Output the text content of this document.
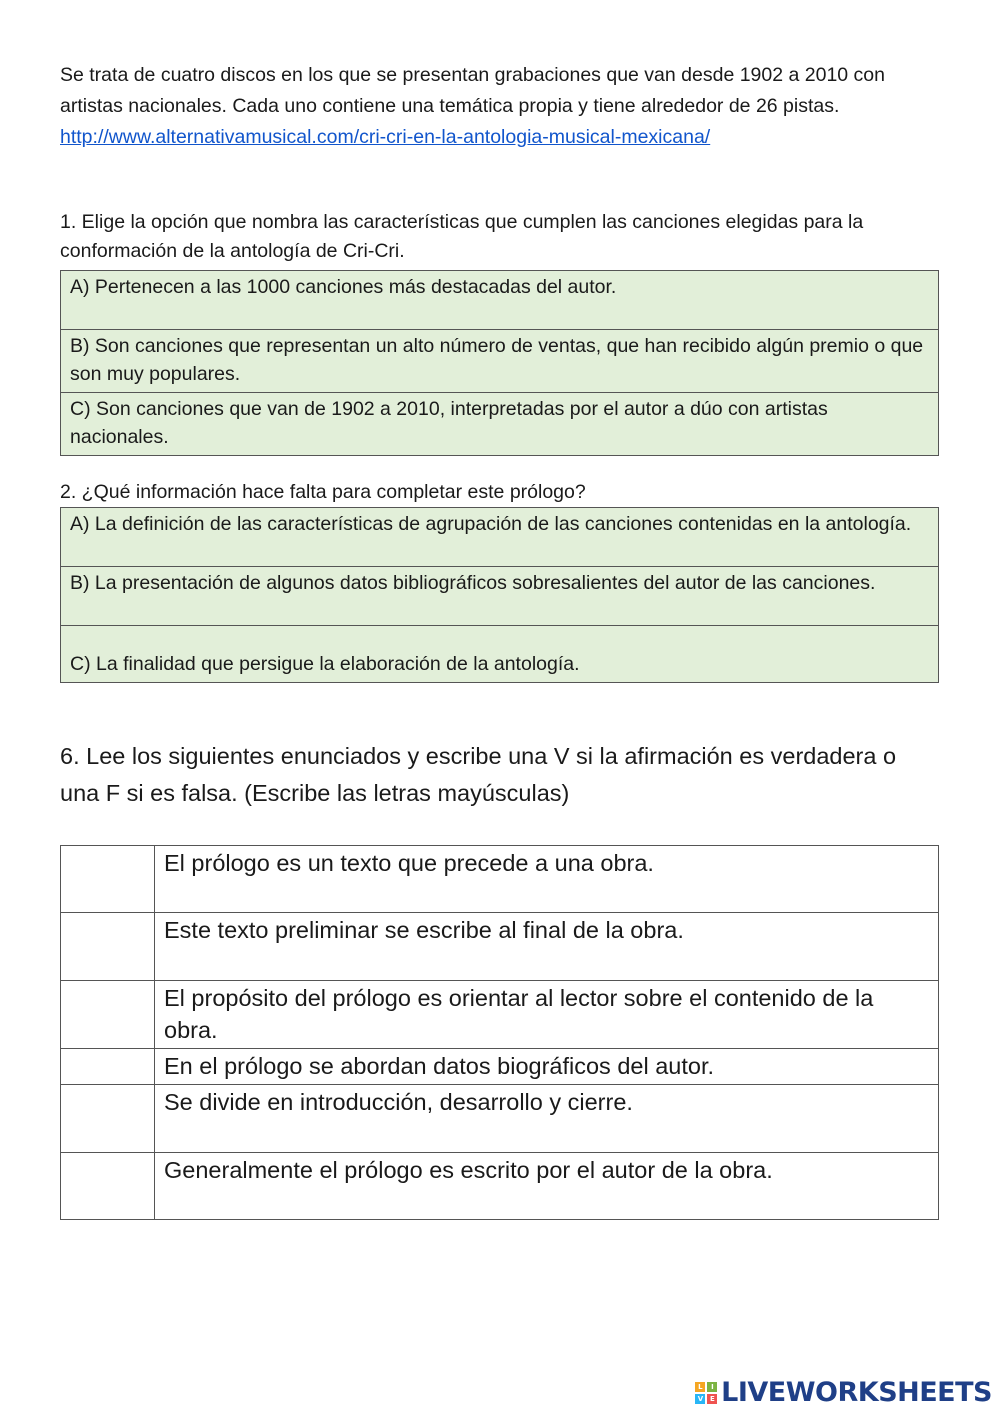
Se trata de cuatro discos en los que se presentan grabaciones que van desde 1902 a 2010 con artistas nacionales. Cada uno contiene una temática propia y tiene alrededor de 26 pistas.

http://www.alternativamusical.com/cri-cri-en-la-antologia-musical-mexicana/
1. Elige la opción que nombra las características que cumplen las canciones elegidas para la conformación de la antología de Cri-Cri.
A) Pertenecen a las 1000 canciones más destacadas del autor.
B) Son canciones que representan un alto número de ventas, que han recibido algún premio o que son muy populares.
C) Son canciones que van de 1902 a 2010, interpretadas por el autor a dúo con artistas nacionales.
2. ¿Qué información hace falta para completar este prólogo?
A) La definición de las características de agrupación de las canciones contenidas en la antología.
B) La presentación de algunos datos bibliográficos sobresalientes del autor de las canciones.
C) La finalidad que persigue la elaboración de la antología.
6. Lee los siguientes enunciados y escribe una V si la afirmación es verdadera o una F si es falsa. (Escribe las letras mayúsculas)
	El prólogo es un texto que precede a una obra.
	Este texto preliminar se escribe al final de la obra.
	El propósito del prólogo es orientar al lector sobre el contenido de la obra.
	En el prólogo se abordan datos biográficos del autor.
	Se divide en introducción, desarrollo y cierre.
	Generalmente el prólogo es escrito por el autor de la obra.
L	I
V	E LIVEWORKSHEETS
